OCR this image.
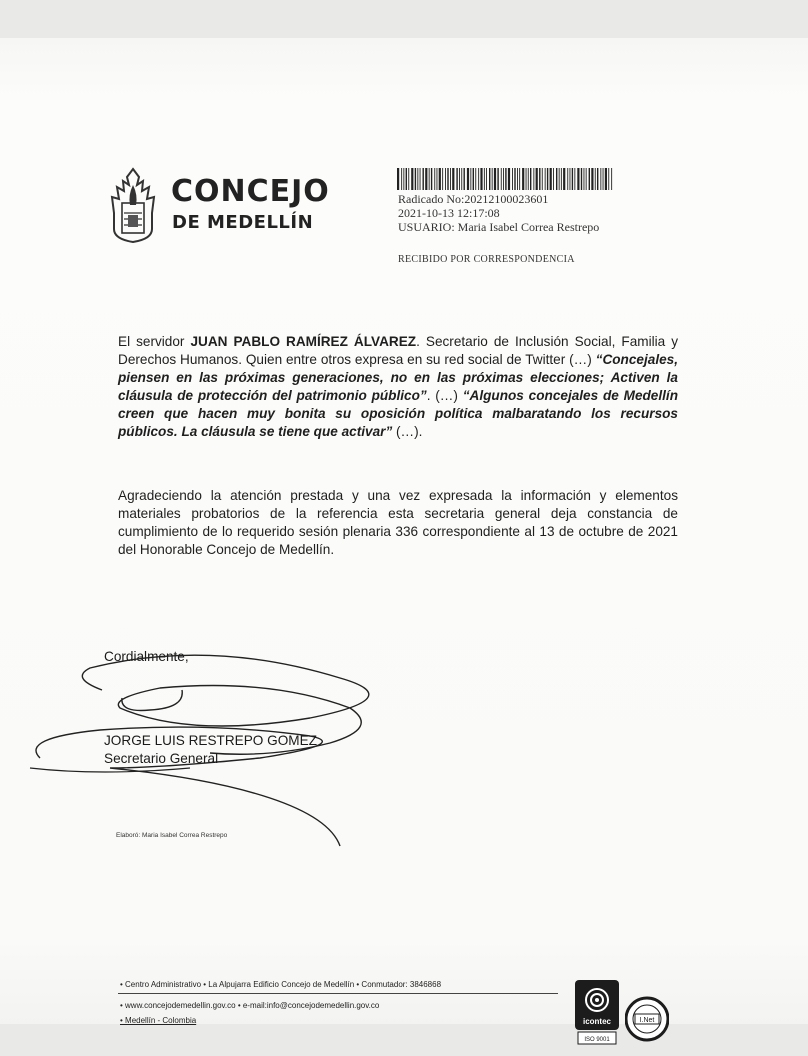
CONCEJO
DE MEDELLÍN
Radicado No:20212100023601
2021-10-13 12:17:08
USUARIO: Maria Isabel Correa Restrepo
RECIBIDO POR CORRESPONDENCIA
El servidor JUAN PABLO RAMÍREZ ÁLVAREZ. Secretario de Inclusión Social, Familia y Derechos Humanos. Quien entre otros expresa en su red social de Twitter (…) “Concejales, piensen en las próximas generaciones, no en las próximas elecciones; Activen la cláusula de protección del patrimonio público”. (…) “Algunos concejales de Medellín creen que hacen muy bonita su oposición política malbaratando los recursos públicos. La cláusula se tiene que activar” (…).
Agradeciendo la atención prestada y una vez expresada la información y elementos materiales probatorios de la referencia esta secretaria general deja constancia de cumplimiento de lo requerido sesión plenaria 336 correspondiente al 13 de octubre de 2021 del Honorable Concejo de Medellín.
Cordialmente,
JORGE LUIS RESTREPO GOMEZ
Secretario General
Elaboró: Maria Isabel Correa Restrepo
• Centro Administrativo • La Alpujarra Edificio Concejo de Medellín • Conmutador: 3846868
• www.concejodemedellin.gov.co • e-mail:info@concejodemedellin.gov.co
• Medellín - Colombia	icontec
ISO 9001
I.Net
